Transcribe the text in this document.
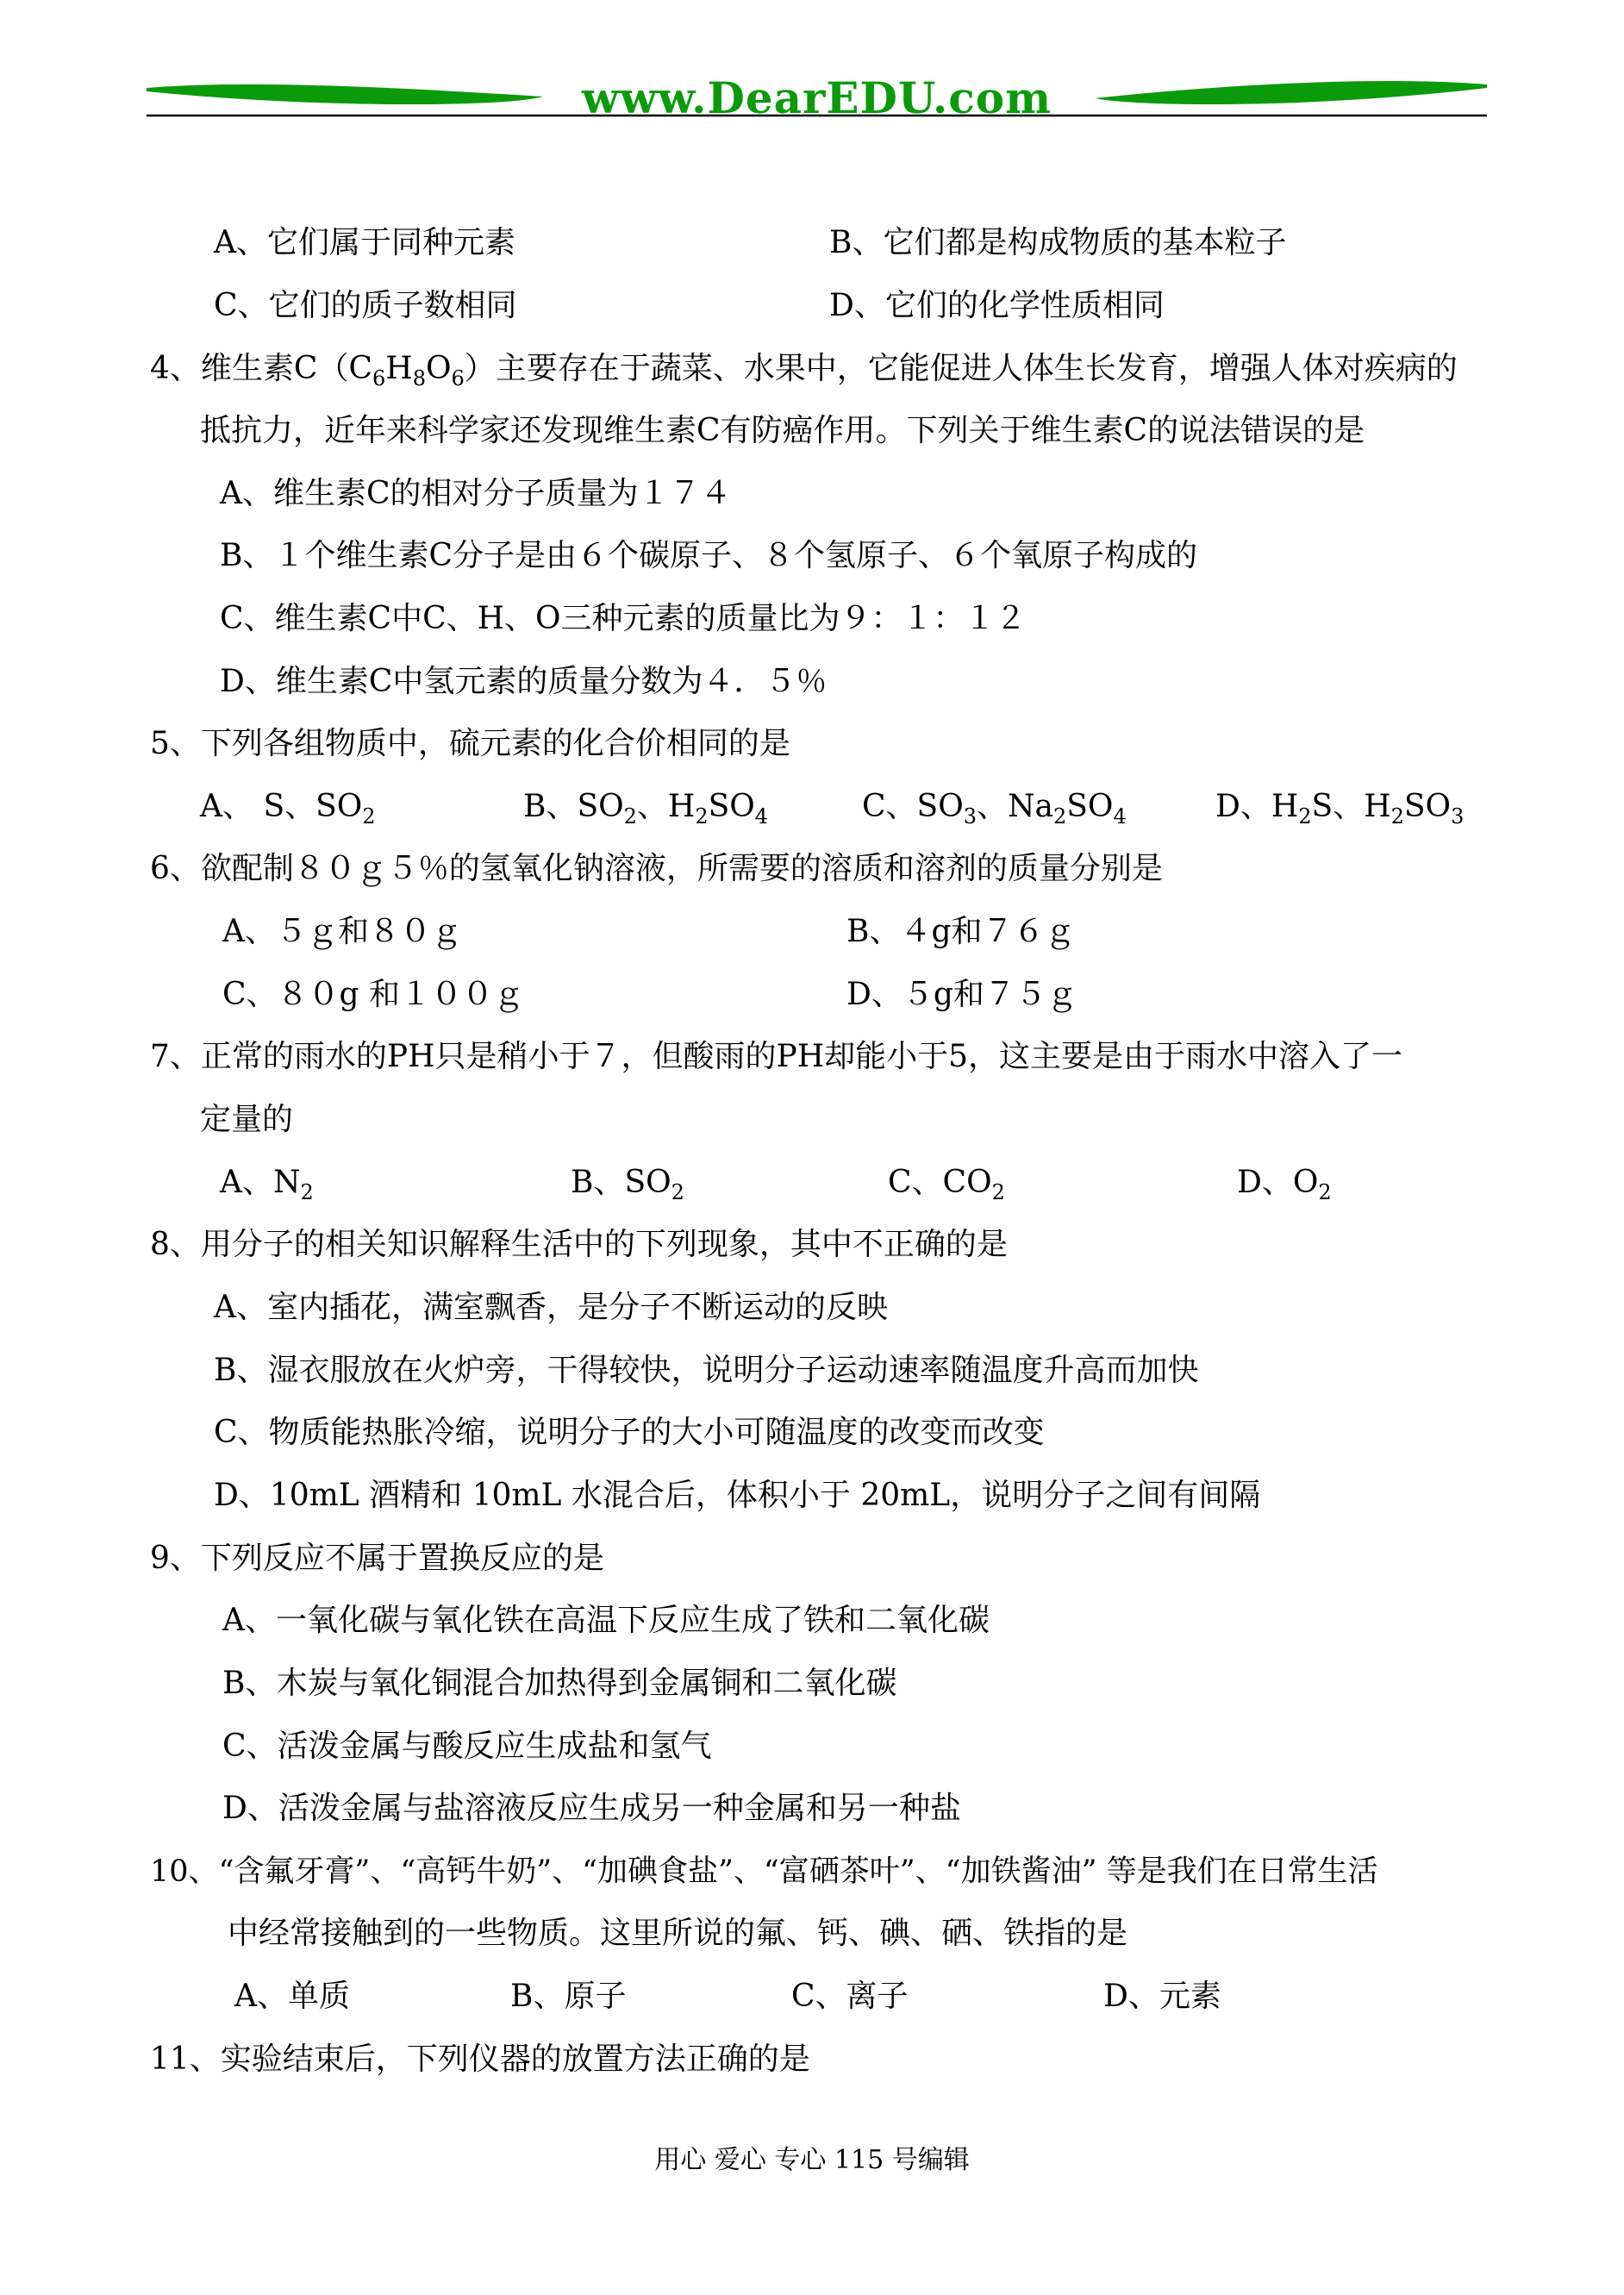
www.DearEDU.com
A、它们属于同种元素	B、它们都是构成物质的基本粒子
C、它们的质子数相同	D、它们的化学性质相同
4、维生素$C(C_6H_8O_6)$主要存在于蔬菜、水果中，它能促进人体生长发育，增强人体对疾病的
抵抗力，近年来科学家还发现维生素C有防癌作用。下列关于维生素C的说法错误的是
A、维生素C的相对分子质量为１７４
B、１个维生素C分子是由６个碳原子、８个氢原子、６个氧原子构成的
C、维生素C中C、H、O三种元素的质量比为９：１：１２
D、维生素C中氢元素的质量分数为４．５％
5、下列各组物质中，硫元素的化合价相同的是
A、 S、$SO_2$	B、$SO_2$、$H_2SO_4$	C、$SO_3$、$Na_2SO_4$	D、$H_2S$、$H_2SO_3$
6、欲配制８０ｇ５％的氢氧化钠溶液，所需要的溶质和溶剂的质量分别是
A、５ｇ和８０ｇ	B、４g和７６ｇ
C、８０g 和１００ｇ	D、５g和７５ｇ
7、正常的雨水的PH只是稍小于７，但酸雨的PH却能小于5，这主要是由于雨水中溶入了一
定量的
A、$N_2$	B、$SO_2$	C、$CO_2$	D、$O_2$
8、用分子的相关知识解释生活中的下列现象，其中不正确的是
A、室内插花，满室飘香，是分子不断运动的反映
B、湿衣服放在火炉旁，干得较快，说明分子运动速率随温度升高而加快
C、物质能热胀冷缩，说明分子的大小可随温度的改变而改变
D、10mL 酒精和 10mL 水混合后，体积小于 20mL，说明分子之间有间隔
9、下列反应不属于置换反应的是
A、一氧化碳与氧化铁在高温下反应生成了铁和二氧化碳
B、木炭与氧化铜混合加热得到金属铜和二氧化碳
C、活泼金属与酸反应生成盐和氢气
D、活泼金属与盐溶液反应生成另一种金属和另一种盐
10、“含氟牙膏”、“高钙牛奶”、“加碘食盐”、“富硒茶叶”、“加铁酱油” 等是我们在日常生活
中经常接触到的一些物质。这里所说的氟、钙、碘、硒、铁指的是
A、单质	B、原子	C、离子	D、元素
11、实验结束后，下列仪器的放置方法正确的是
用心 爱心 专心 115 号编辑
